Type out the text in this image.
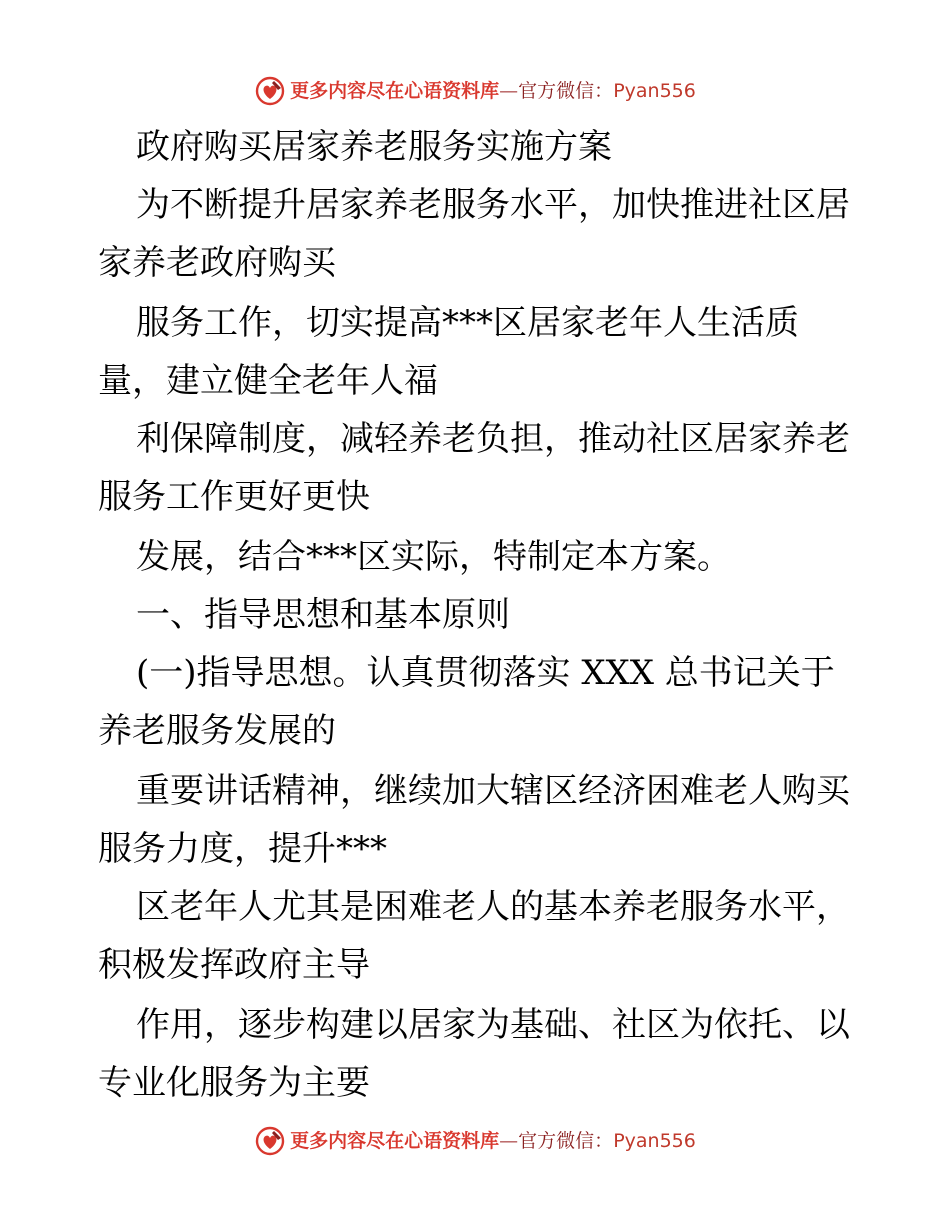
更多内容尽在心语资料库—官方微信：Pyan556
政府购买居家养老服务实施方案
为不断提升居家养老服务水平，加快推进社区居
家养老政府购买
服务工作，切实提高***区居家老年人生活质
量，建立健全老年人福
利保障制度，减轻养老负担，推动社区居家养老
服务工作更好更快
发展，结合***区实际，特制定本方案。
一、指导思想和基本原则
(一)指导思想。认真贯彻落实 XXX 总书记关于
养老服务发展的
重要讲话精神，继续加大辖区经济困难老人购买
服务力度，提升***
区老年人尤其是困难老人的基本养老服务水平，
积极发挥政府主导
作用，逐步构建以居家为基础、社区为依托、以
专业化服务为主要
更多内容尽在心语资料库—官方微信：Pyan556
